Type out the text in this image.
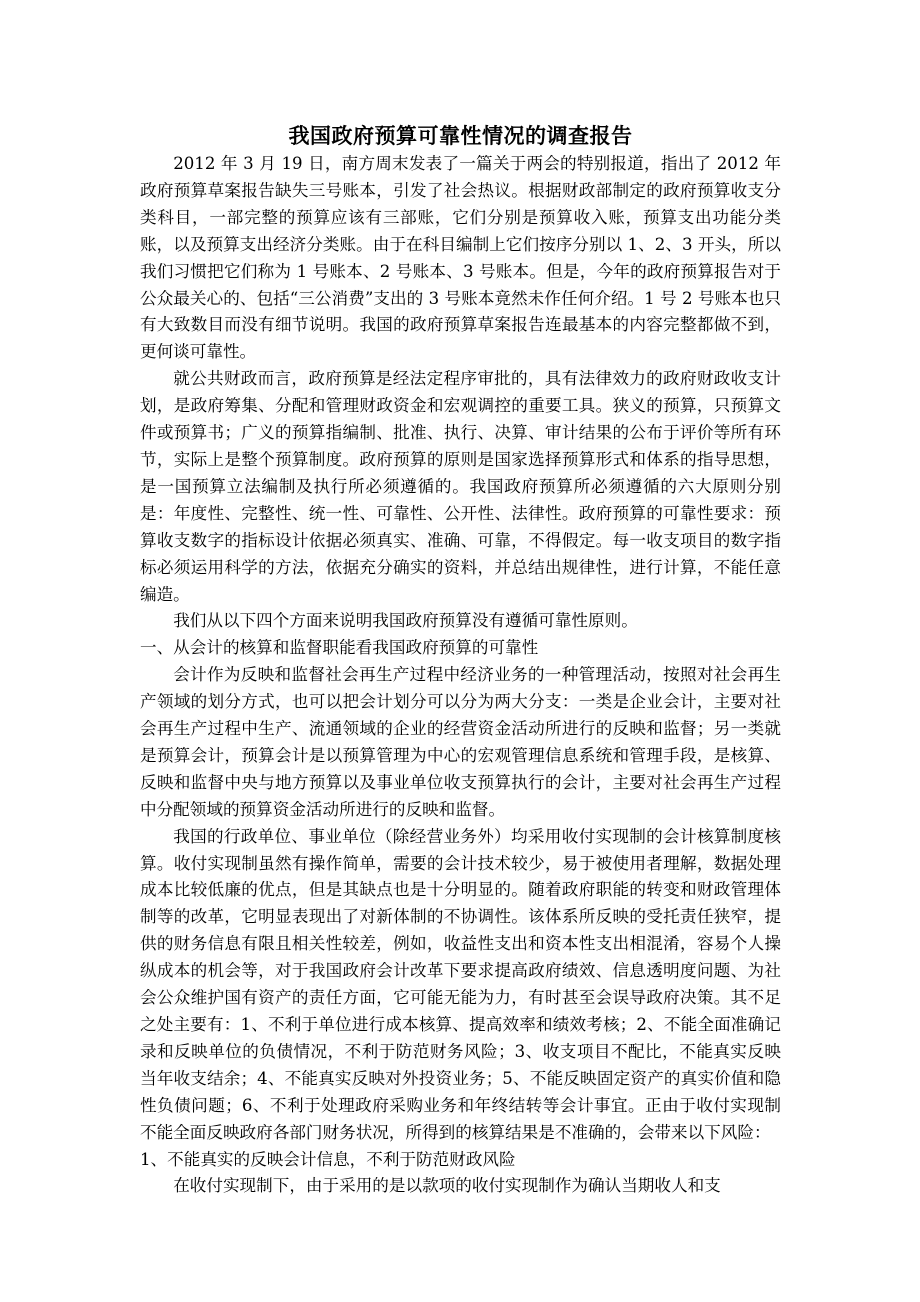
我国政府预算可靠性情况的调查报告

2012 年 3 月 19 日，南方周末发表了一篇关于两会的特别报道，指出了 2012 年政府预算草案报告缺失三号账本，引发了社会热议。根据财政部制定的政府预算收支分类科目，一部完整的预算应该有三部账，它们分别是预算收入账，预算支出功能分类账，以及预算支出经济分类账。由于在科目编制上它们按序分别以 1、2、3 开头，所以我们习惯把它们称为 1 号账本、2 号账本、3 号账本。但是，今年的政府预算报告对于公众最关心的、包括“三公消费”支出的 3 号账本竟然未作任何介绍。1 号 2 号账本也只有大致数目而没有细节说明。我国的政府预算草案报告连最基本的内容完整都做不到，更何谈可靠性。

就公共财政而言，政府预算是经法定程序审批的，具有法律效力的政府财政收支计划，是政府筹集、分配和管理财政资金和宏观调控的重要工具。狭义的预算，只预算文件或预算书；广义的预算指编制、批准、执行、决算、审计结果的公布于评价等所有环节，实际上是整个预算制度。政府预算的原则是国家选择预算形式和体系的指导思想，是一国预算立法编制及执行所必须遵循的。我国政府预算所必须遵循的六大原则分别是：年度性、完整性、统一性、可靠性、公开性、法律性。政府预算的可靠性要求：预算收支数字的指标设计依据必须真实、准确、可靠，不得假定。每一收支项目的数字指标必须运用科学的方法，依据充分确实的资料，并总结出规律性，进行计算，不能任意编造。

我们从以下四个方面来说明我国政府预算没有遵循可靠性原则。

一、从会计的核算和监督职能看我国政府预算的可靠性

会计作为反映和监督社会再生产过程中经济业务的一种管理活动，按照对社会再生产领域的划分方式，也可以把会计划分可以分为两大分支：一类是企业会计，主要对社会再生产过程中生产、流通领域的企业的经营资金活动所进行的反映和监督；另一类就是预算会计，预算会计是以预算管理为中心的宏观管理信息系统和管理手段，是核算、反映和监督中央与地方预算以及事业单位收支预算执行的会计，主要对社会再生产过程中分配领域的预算资金活动所进行的反映和监督。

我国的行政单位、事业单位（除经营业务外）均采用收付实现制的会计核算制度核算。收付实现制虽然有操作简单，需要的会计技术较少，易于被使用者理解，数据处理成本比较低廉的优点，但是其缺点也是十分明显的。随着政府职能的转变和财政管理体制等的改革，它明显表现出了对新体制的不协调性。该体系所反映的受托责任狭窄，提供的财务信息有限且相关性较差，例如，收益性支出和资本性支出相混淆，容易个人操纵成本的机会等，对于我国政府会计改革下要求提高政府绩效、信息透明度问题、为社会公众维护国有资产的责任方面，它可能无能为力，有时甚至会误导政府决策。其不足之处主要有：1、不利于单位进行成本核算、提高效率和绩效考核；2、不能全面准确记录和反映单位的负债情况，不利于防范财务风险；3、收支项目不配比，不能真实反映当年收支结余；4、不能真实反映对外投资业务；5、不能反映固定资产的真实价值和隐性负债问题；6、不利于处理政府采购业务和年终结转等会计事宜。正由于收付实现制不能全面反映政府各部门财务状况，所得到的核算结果是不准确的，会带来以下风险：

1、不能真实的反映会计信息，不利于防范财政风险

在收付实现制下，由于采用的是以款项的收付实现制作为确认当期收人和支
